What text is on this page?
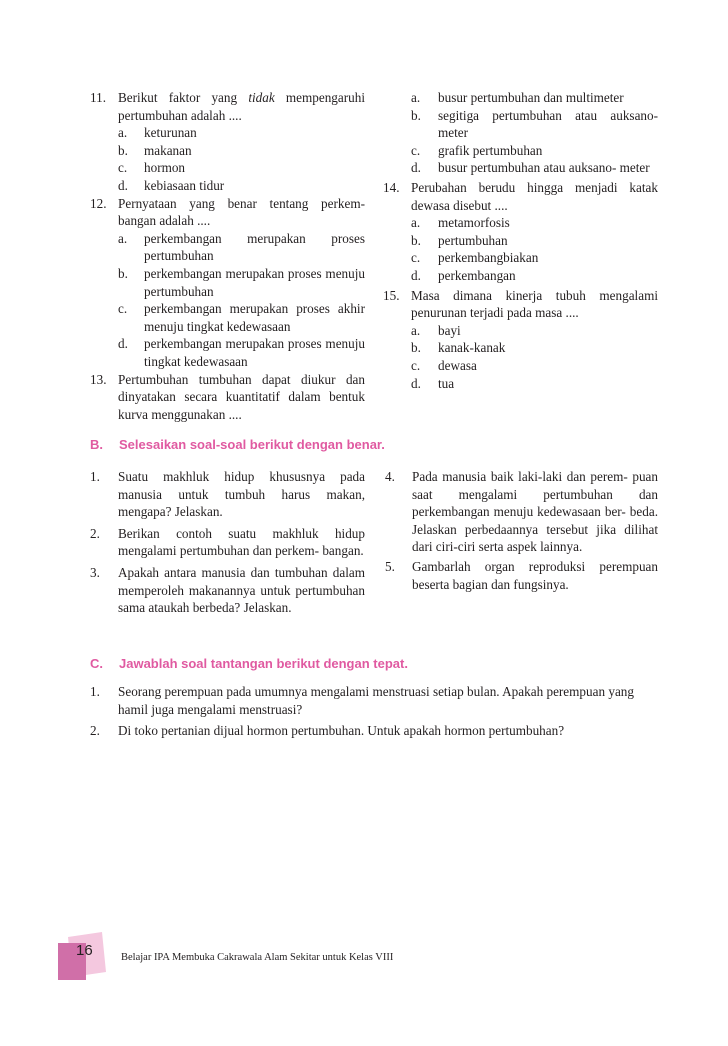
11. Berikut faktor yang tidak mempengaruhi pertumbuhan adalah ....
a. keturunan
b. makanan
c. hormon
d. kebiasaan tidur
12. Pernyataan yang benar tentang perkem- bangan adalah ....
a. perkembangan merupakan proses pertumbuhan
b. perkembangan merupakan proses menuju pertumbuhan
c. perkembangan merupakan proses akhir menuju tingkat kedewasaan
d. perkembangan merupakan proses menuju tingkat kedewasaan
13. Pertumbuhan tumbuhan dapat diukur dan dinyatakan secara kuantitatif dalam bentuk kurva menggunakan ....
a. busur pertumbuhan dan multimeter
b. segitiga pertumbuhan atau auksano- meter
c. grafik pertumbuhan
d. busur pertumbuhan atau auksano- meter
14. Perubahan berudu hingga menjadi katak dewasa disebut ....
a. metamorfosis
b. pertumbuhan
c. perkembangbiakan
d. perkembangan
15. Masa dimana kinerja tubuh mengalami penurunan terjadi pada masa ....
a. bayi
b. kanak-kanak
c. dewasa
d. tua
B. Selesaikan soal-soal berikut dengan benar.
1. Suatu makhluk hidup khususnya pada manusia untuk tumbuh harus makan, mengapa? Jelaskan.
2. Berikan contoh suatu makhluk hidup mengalami pertumbuhan dan perkem- bangan.
3. Apakah antara manusia dan tumbuhan dalam memperoleh makanannya untuk pertumbuhan sama ataukah berbeda? Jelaskan.
4. Pada manusia baik laki-laki dan perem- puan saat mengalami pertumbuhan dan perkembangan menuju kedewasaan ber- beda. Jelaskan perbedaannya tersebut jika dilihat dari ciri-ciri serta aspek lainnya.
5. Gambarlah organ reproduksi perempuan beserta bagian dan fungsinya.
C. Jawablah soal tantangan berikut dengan tepat.
1. Seorang perempuan pada umumnya mengalami menstruasi setiap bulan. Apakah perempuan yang hamil juga mengalami menstruasi?
2. Di toko pertanian dijual hormon pertumbuhan. Untuk apakah hormon pertumbuhan?
16	Belajar IPA Membuka Cakrawala Alam Sekitar untuk Kelas VIII
